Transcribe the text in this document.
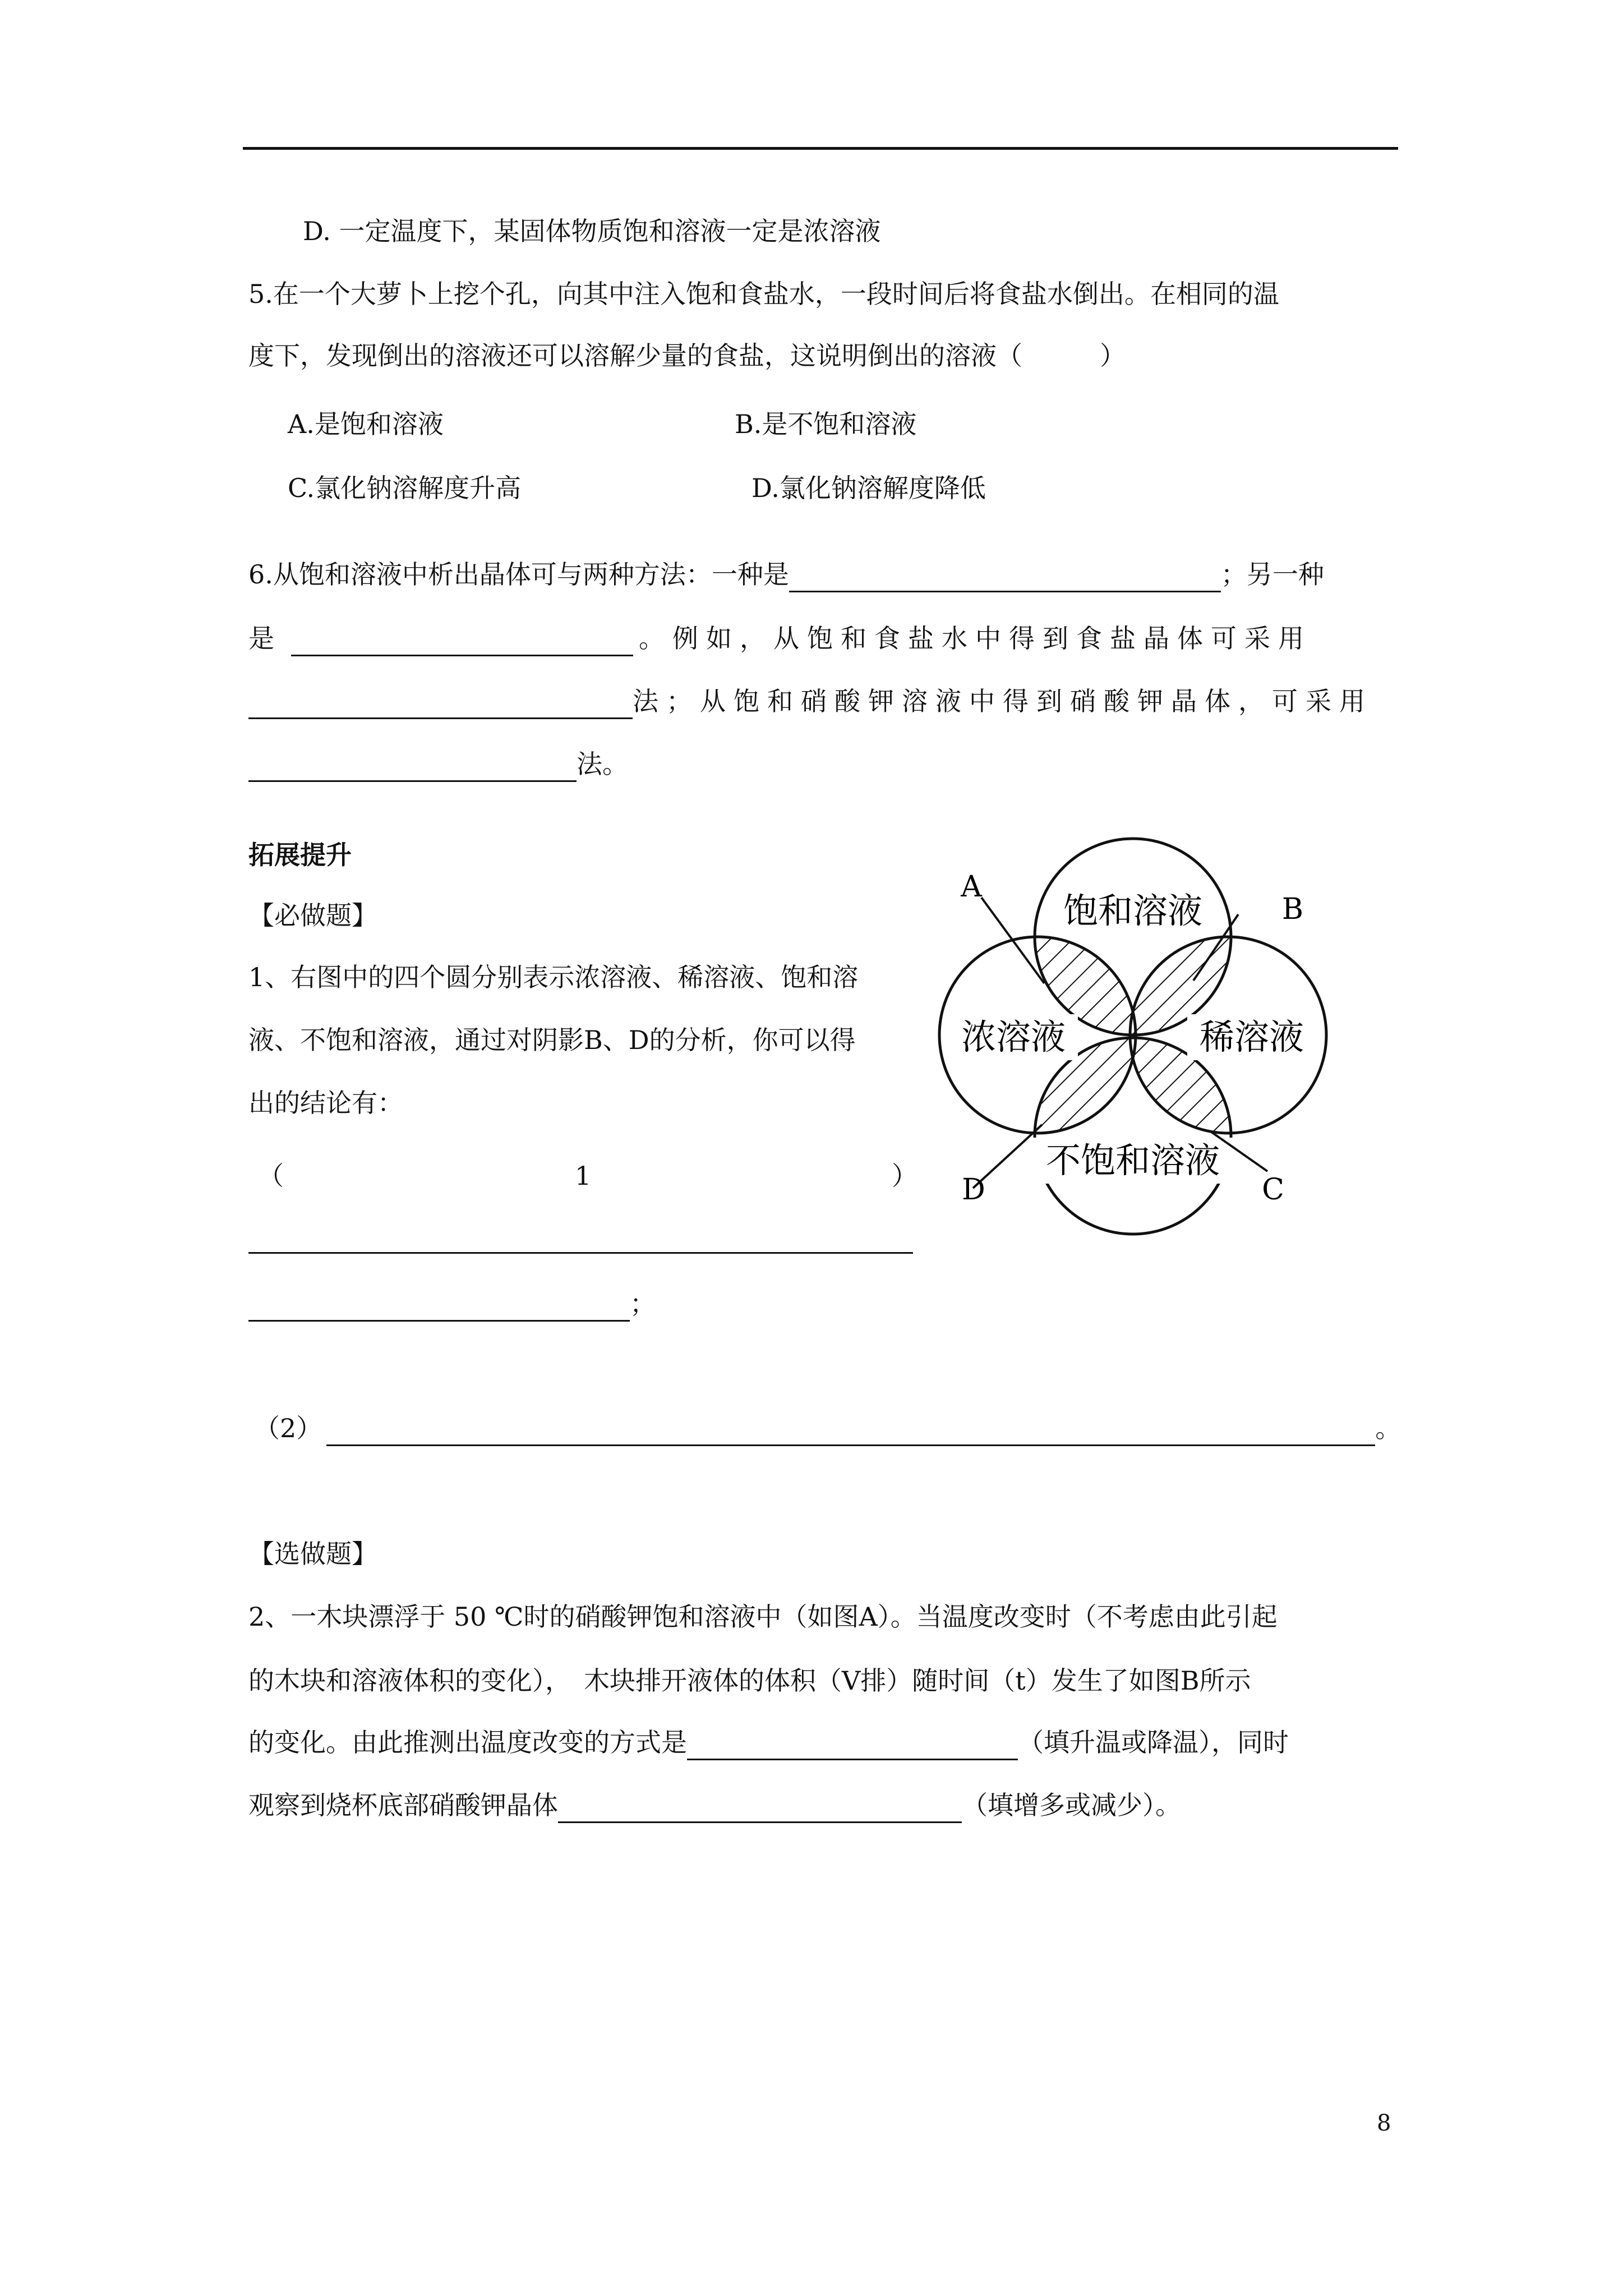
D. 一定温度下，某固体物质饱和溶液一定是浓溶液
5.在一个大萝卜上挖个孔，向其中注入饱和食盐水，一段时间后将食盐水倒出。在相同的温
度下，发现倒出的溶液还可以溶解少量的食盐，这说明倒出的溶液（　　　）
A.是饱和溶液	B.是不饱和溶液
C.氯化钠溶解度升高	D.氯化钠溶解度降低
6.从饱和溶液中析出晶体可与两种方法：一种是	；另一种
是	。例如，从饱和食盐水中得到食盐晶体可采用
法；从饱和硝酸钾溶液中得到硝酸钾晶体，可采用
法。
拓展提升
【必做题】
1、右图中的四个圆分别表示浓溶液、稀溶液、饱和溶
液、不饱和溶液，通过对阴影B、D的分析，你可以得
出的结论有：
（	1	）
；
（2）	。
饱和溶液
浓溶液	稀溶液
不饱和溶液
A
B
C
D
【选做题】
2、一木块漂浮于 50 ℃时的硝酸钾饱和溶液中（如图A）。当温度改变时（不考虑由此引起
的木块和溶液体积的变化），　木块排开液体的体积（V排）随时间（t）发生了如图B所示
的变化。由此推测出温度改变的方式是	（填升温或降温），同时
观察到烧杯底部硝酸钾晶体	（填增多或减少）。
8
